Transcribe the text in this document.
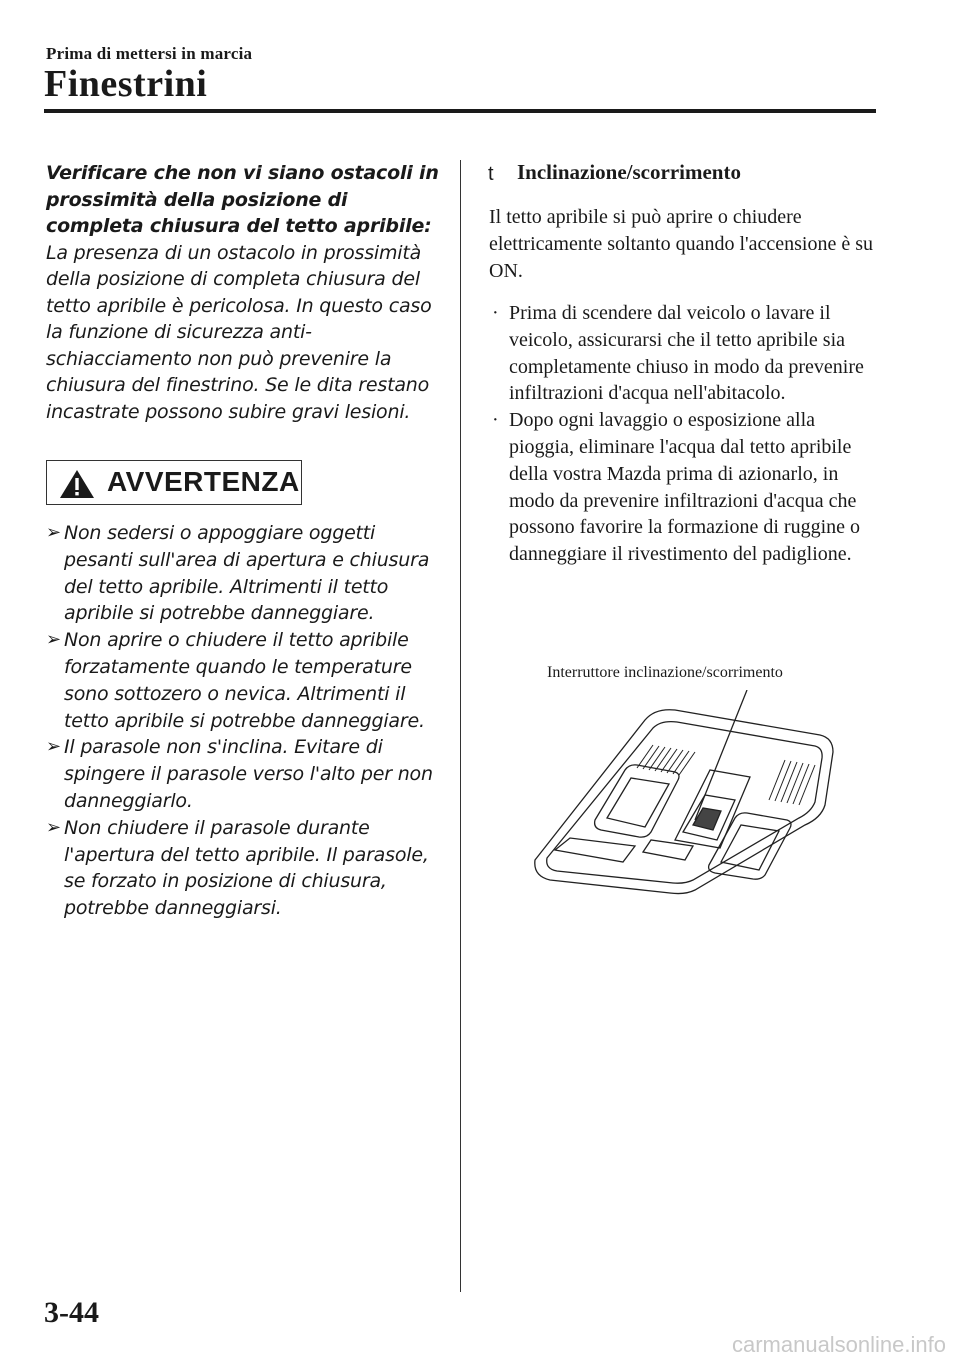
Prima di mettersi in marcia
Finestrini

Verificare che non vi siano ostacoli in prossimità della posizione di completa chiusura del tetto apribile:

La presenza di un ostacolo in prossimità della posizione di completa chiusura del tetto apribile è pericolosa. In questo caso la funzione di sicurezza anti-schiacciamento non può prevenire la chiusura del finestrino. Se le dita restano incastrate possono subire gravi lesioni.

AVVERTENZA
➢ Non sedersi o appoggiare oggetti pesanti sull'area di apertura e chiusura del tetto apribile. Altrimenti il tetto apribile si potrebbe danneggiare.
➢ Non aprire o chiudere il tetto apribile forzatamente quando le temperature sono sottozero o nevica. Altrimenti il tetto apribile si potrebbe danneggiare.
➢ Il parasole non s'inclina. Evitare di spingere il parasole verso l'alto per non danneggiarlo.
➢ Non chiudere il parasole durante l'apertura del tetto apribile. Il parasole, se forzato in posizione di chiusura, potrebbe danneggiarsi.
t Inclinazione/scorrimento
Il tetto apribile si può aprire o chiudere elettricamente soltanto quando l'accensione è su ON.
· Prima di scendere dal veicolo o lavare il veicolo, assicurarsi che il tetto apribile sia completamente chiuso in modo da prevenire infiltrazioni d'acqua nell'abitacolo.
· Dopo ogni lavaggio o esposizione alla pioggia, eliminare l'acqua dal tetto apribile della vostra Mazda prima di azionarlo, in modo da prevenire infiltrazioni d'acqua che possono favorire la formazione di ruggine o danneggiare il rivestimento del padiglione.
Interruttore inclinazione/scorrimento
3-44
carmanualsonline.info
